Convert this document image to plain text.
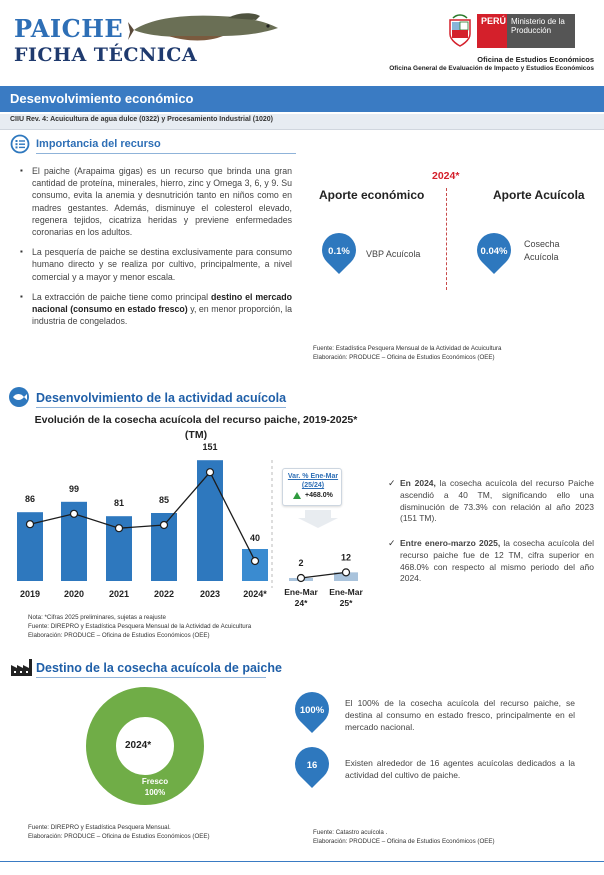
PAICHE
FICHA TÉCNICA
PERÚ Ministerio de la Producción
Oficina de Estudios Económicos
Oficina General de Evaluación de Impacto y Estudios Económicos
Desenvolvimiento económico
CIIU Rev. 4: Acuicultura de agua dulce (0322) y Procesamiento Industrial (1020)
Importancia del recurso
▪ El paiche (Arapaima gigas) es un recurso que brinda una gran cantidad de proteína, minerales, hierro, zinc y Omega 3, 6, y 9. Su consumo, evita la anemia y desnutrición tanto en niños como en madres gestantes. Además, disminuye el colesterol elevado, regenera tejidos, cicatriza heridas y previene enfermedades coronarias en los adultos.
▪ La pesquería de paiche se destina exclusivamente para consumo humano directo y se realiza por cultivo, principalmente, a nivel comercial y a mayor y menor escala.
▪ La extracción de paiche tiene como principal destino el mercado nacional (consumo en estado fresco) y, en menor proporción, la industria de congelados.
2024*
Aporte económico	Aporte Acuícola
0.1%	VBP Acuícola	0.04%
Cosecha
Acuícola
Fuente: Estadística Pesquera Mensual de la Actividad de Acuicultura
Elaboración: PRODUCE – Oficina de Estudios Económicos (OEE)
Desenvolvimiento de la actividad acuícola
Evolución de la cosecha acuícola del recurso paiche, 2019-2025*
(TM)
86
2019
99
2020
81
2021
85
2022
151
2023
40
2024*
2
Ene-Mar
24*
12
Ene-Mar
25*
Var. % Ene-Mar (25/24)
+468.0%
Nota: *Cifras 2025 preliminares, sujetas a reajuste
Fuente: DIREPRO y Estadística Pesquera Mensual de la Actividad de Acuicultura
Elaboración: PRODUCE – Oficina de Estudios Económicos (OEE)
✓ En 2024, la cosecha acuícola del recurso Paiche ascendió a 40 TM, significando ello una disminución de 73.3% con relación al año 2023 (151 TM).
✓ Entre enero-marzo 2025, la cosecha acuícola del recurso paiche fue de 12 TM, cifra superior en 468.0% con respecto al mismo periodo del año 2024.
Destino de la cosecha acuícola de paiche
2024*
Fresco
100%
100%
El 100% de la cosecha acuícola del recurso paiche, se destina al consumo en estado fresco, principalmente en el mercado nacional.
16	Existen alrededor de 16 agentes acuícolas dedicados a la actividad del cultivo de paiche.
Fuente: DIREPRO y Estadística Pesquera Mensual.
Elaboración: PRODUCE – Oficina de Estudios Económicos (OEE)
Fuente: Catastro acuícola .
Elaboración: PRODUCE – Oficina de Estudios Económicos (OEE)
